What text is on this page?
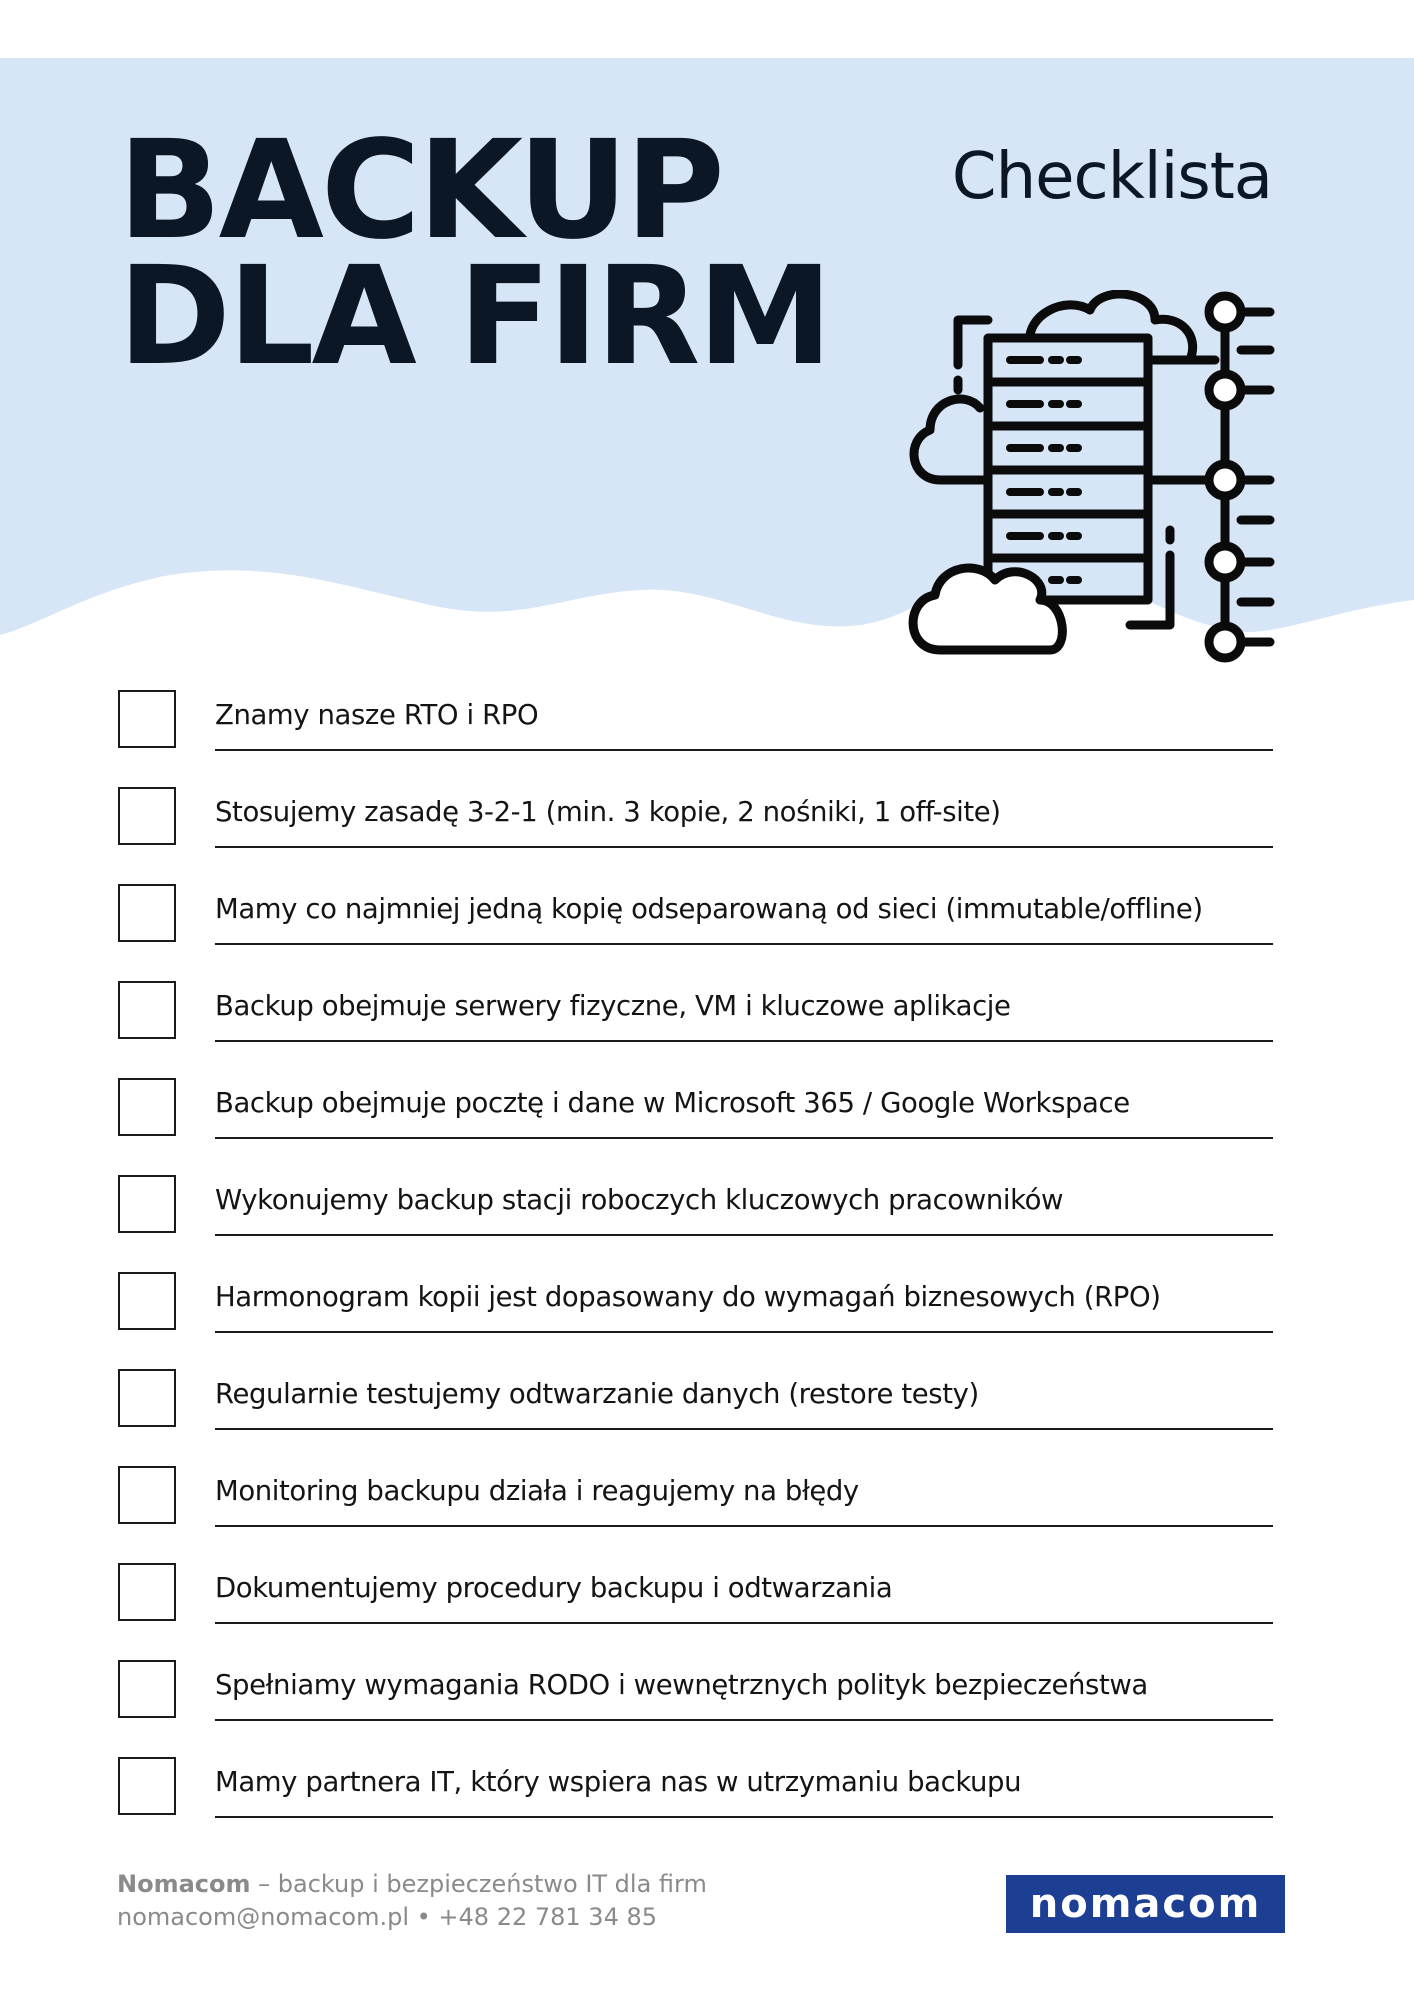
BACKUP
DLA FIRM
Checklista
Znamy nasze RTO i RPO
Stosujemy zasadę 3-2-1 (min. 3 kopie, 2 nośniki, 1 off-site)
Mamy co najmniej jedną kopię odseparowaną od sieci (immutable/offline)
Backup obejmuje serwery fizyczne, VM i kluczowe aplikacje
Backup obejmuje pocztę i dane w Microsoft 365 / Google Workspace
Wykonujemy backup stacji roboczych kluczowych pracowników
Harmonogram kopii jest dopasowany do wymagań biznesowych (RPO)
Regularnie testujemy odtwarzanie danych (restore testy)
Monitoring backupu działa i reagujemy na błędy
Dokumentujemy procedury backupu i odtwarzania
Spełniamy wymagania RODO i wewnętrznych polityk bezpieczeństwa
Mamy partnera IT, który wspiera nas w utrzymaniu backupu
Nomacom – backup i bezpieczeństwo IT dla firm
nomacom@nomacom.pl • +48 22 781 34 85	nomacom
